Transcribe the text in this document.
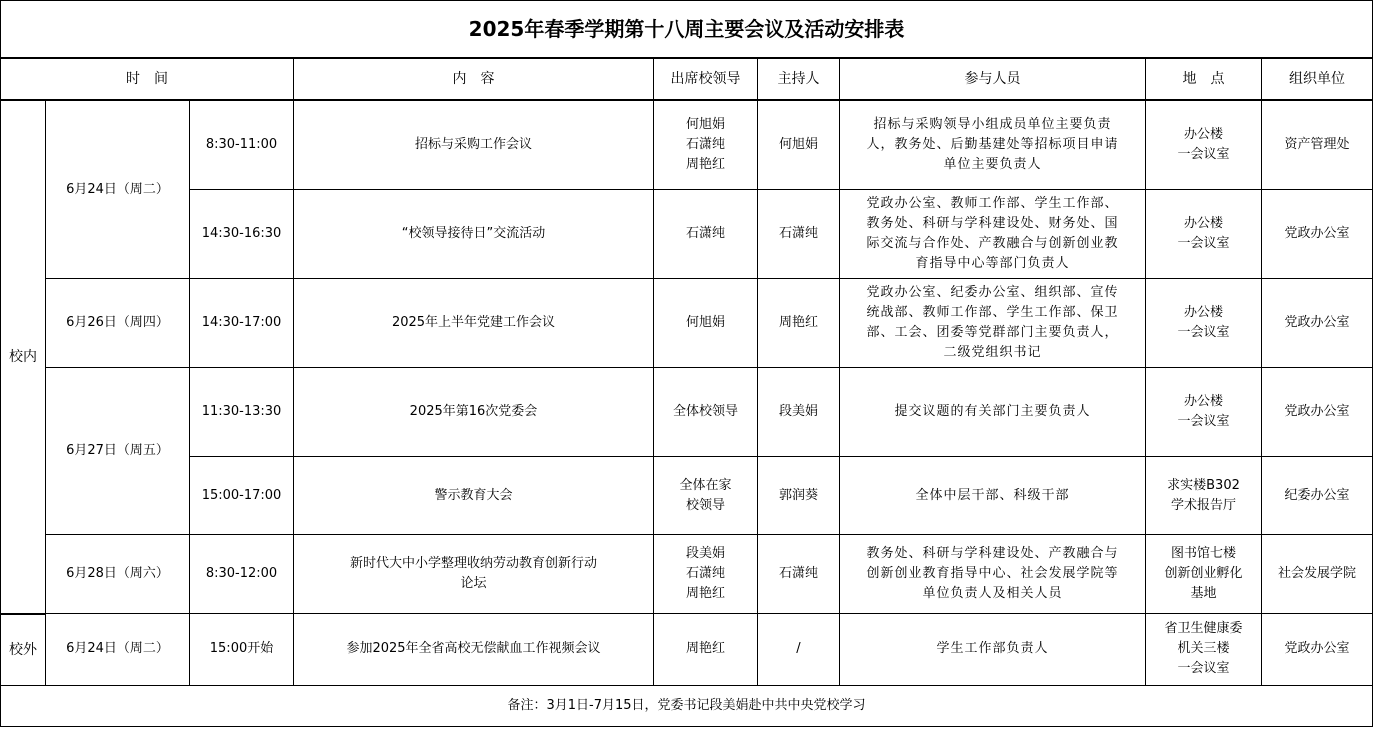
2025年春季学期第十八周主要会议及活动安排表								
时　间			内　容	出席校领导	主持人	参与人员	地　点	组织单位
校内	6月24日（周二）	8:30-11:00	招标与采购工作会议	何旭娟
石潇纯
周艳红	何旭娟	招标与采购领导小组成员单位主要负责
人，教务处、后勤基建处等招标项目申请
单位主要负责人	办公楼
一会议室	资产管理处
		14:30-16:30	“校领导接待日”交流活动	石潇纯	石潇纯	党政办公室、教师工作部、学生工作部、
教务处、科研与学科建设处、财务处、国
际交流与合作处、产教融合与创新创业教
育指导中心等部门负责人	办公楼
一会议室	党政办公室
	6月26日（周四）	14:30-17:00	2025年上半年党建工作会议	何旭娟	周艳红	党政办公室、纪委办公室、组织部、宣传
统战部、教师工作部、学生工作部、保卫
部、工会、团委等党群部门主要负责人，
二级党组织书记	办公楼
一会议室	党政办公室
	6月27日（周五）	11:30-13:30	2025年第16次党委会	全体校领导	段美娟	提交议题的有关部门主要负责人	办公楼
一会议室	党政办公室
		15:00-17:00	警示教育大会	全体在家
校领导	郭润葵	全体中层干部、科级干部	求实楼B302
学术报告厅	纪委办公室
	6月28日（周六）	8:30-12:00	新时代大中小学整理收纳劳动教育创新行动
论坛	段美娟
石潇纯
周艳红	石潇纯	教务处、科研与学科建设处、产教融合与
创新创业教育指导中心、社会发展学院等
单位负责人及相关人员	图书馆七楼
创新创业孵化
基地	社会发展学院
校外	6月24日（周二）	15:00开始	参加2025年全省高校无偿献血工作视频会议	周艳红	/	学生工作部负责人	省卫生健康委
机关三楼
一会议室	党政办公室
备注：3月1日-7月15日，党委书记段美娟赴中共中央党校学习								
